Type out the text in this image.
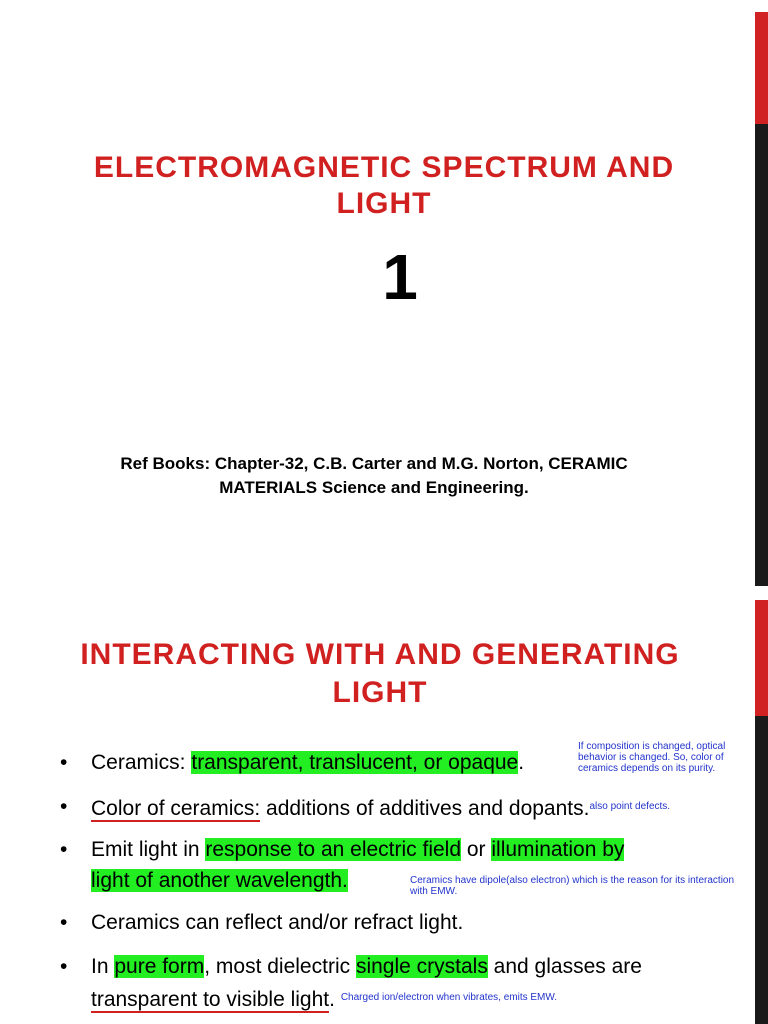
ELECTROMAGNETIC SPECTRUM AND
LIGHT
1
Ref Books: Chapter-32, C.B. Carter and M.G. Norton, CERAMIC
MATERIALS Science and Engineering.
INTERACTING WITH AND GENERATING
LIGHT
• Ceramics: transparent, translucent, or opaque.
If composition is changed, optical
behavior is changed. So, color of
ceramics depends on its purity.
• Color of ceramics: additions of additives and dopants.$^{also point defects.}$
• Emit light in response to an electric field or illumination by
light of another wavelength.	Ceramics have dipole(also electron) which is the reason for its interaction
with EMW.
• Ceramics can reflect and/or refract light.
• In pure form, most dielectric single crystals and glasses are
transparent to visible light. $^{Charged ion/electron when vibrates, emits EMW.}$
